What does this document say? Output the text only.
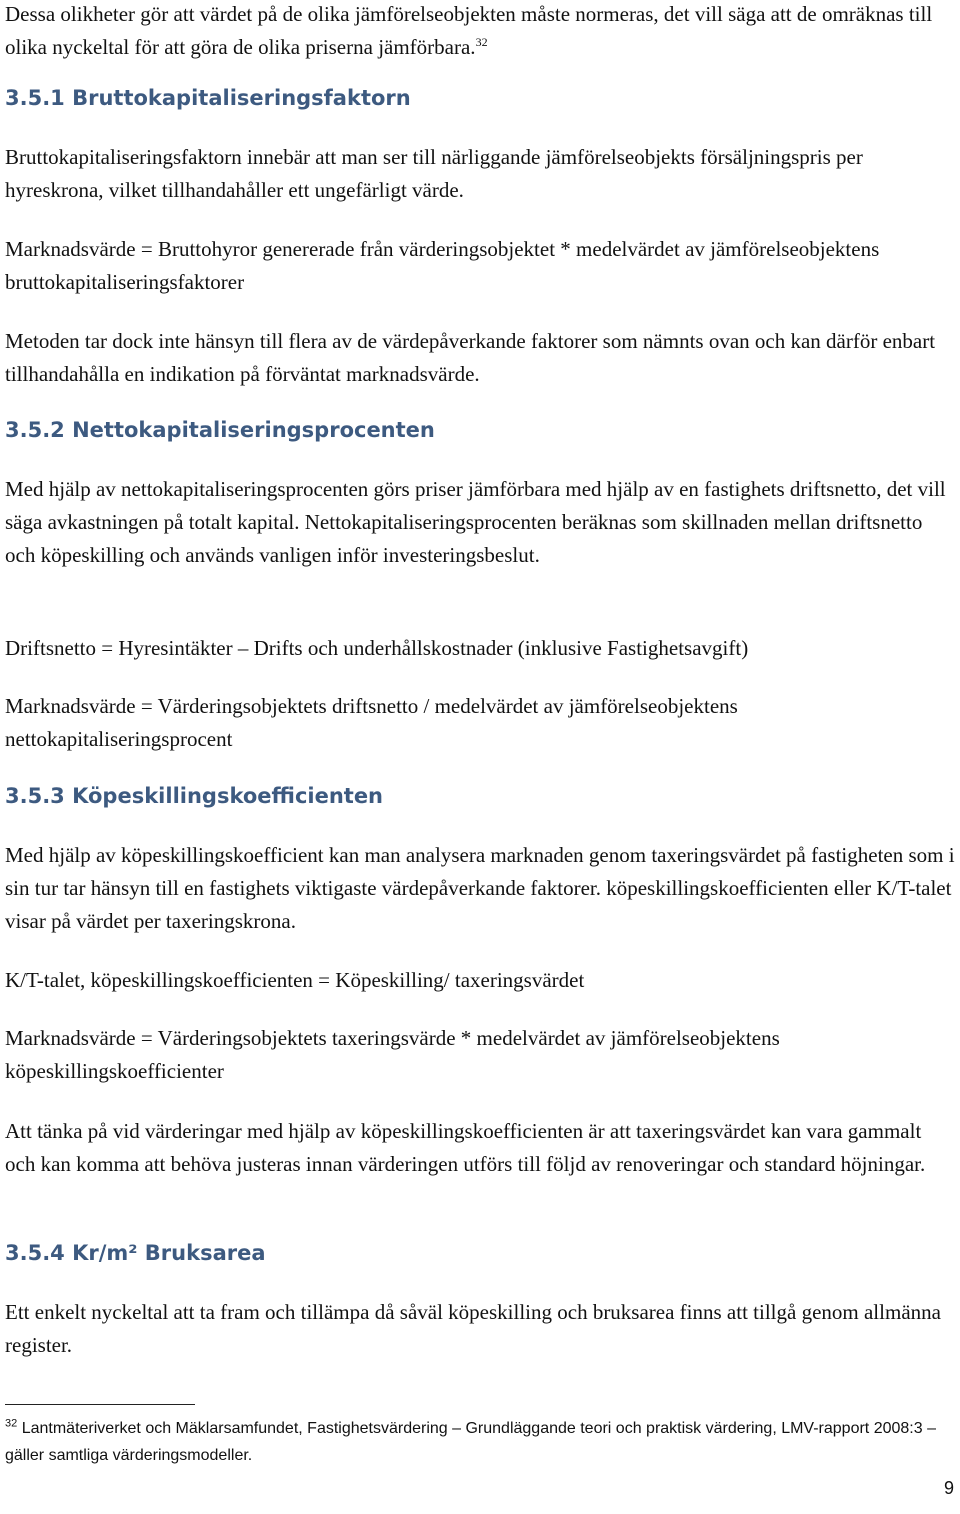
Dessa olikheter gör att värdet på de olika jämförelseobjekten måste normeras, det vill säga att de omräknas till olika nyckeltal för att göra de olika priserna jämförbara.$^{32}$

3.5.1 Bruttokapitaliseringsfaktorn

Bruttokapitaliseringsfaktorn innebär att man ser till närliggande jämförelseobjekts försäljningspris per hyreskrona, vilket tillhandahåller ett ungefärligt värde.

Marknadsvärde = Bruttohyror genererade från värderingsobjektet * medelvärdet av jämförelseobjektens bruttokapitaliseringsfaktorer

Metoden tar dock inte hänsyn till flera av de värdepåverkande faktorer som nämnts ovan och kan därför enbart tillhandahålla en indikation på förväntat marknadsvärde.

3.5.2 Nettokapitaliseringsprocenten

Med hjälp av nettokapitaliseringsprocenten görs priser jämförbara med hjälp av en fastighets driftsnetto, det vill säga avkastningen på totalt kapital. Nettokapitaliseringsprocenten beräknas som skillnaden mellan driftsnetto och köpeskilling och används vanligen inför investeringsbeslut.

Driftsnetto = Hyresintäkter – Drifts och underhållskostnader (inklusive Fastighetsavgift)

Marknadsvärde = Värderingsobjektets driftsnetto / medelvärdet av jämförelseobjektens nettokapitaliseringsprocent

3.5.3 Köpeskillingskoefficienten

Med hjälp av köpeskillingskoefficient kan man analysera marknaden genom taxeringsvärdet på fastigheten som i sin tur tar hänsyn till en fastighets viktigaste värdepåverkande faktorer. köpeskillingskoefficienten eller K/T-talet visar på värdet per taxeringskrona.

K/T-talet, köpeskillingskoefficienten = Köpeskilling/ taxeringsvärdet

Marknadsvärde = Värderingsobjektets taxeringsvärde * medelvärdet av jämförelseobjektens köpeskillingskoefficienter

Att tänka på vid värderingar med hjälp av köpeskillingskoefficienten är att taxeringsvärdet kan vara gammalt och kan komma att behöva justeras innan värderingen utförs till följd av renoveringar och standard höjningar.

3.5.4 Kr/m² Bruksarea

Ett enkelt nyckeltal att ta fram och tillämpa då såväl köpeskilling och bruksarea finns att tillgå genom allmänna register.

$^{32}$ Lantmäteriverket och Mäklarsamfundet, Fastighetsvärdering – Grundläggande teori och praktisk värdering, LMV-rapport 2008:3 – gäller samtliga värderingsmodeller.

9
